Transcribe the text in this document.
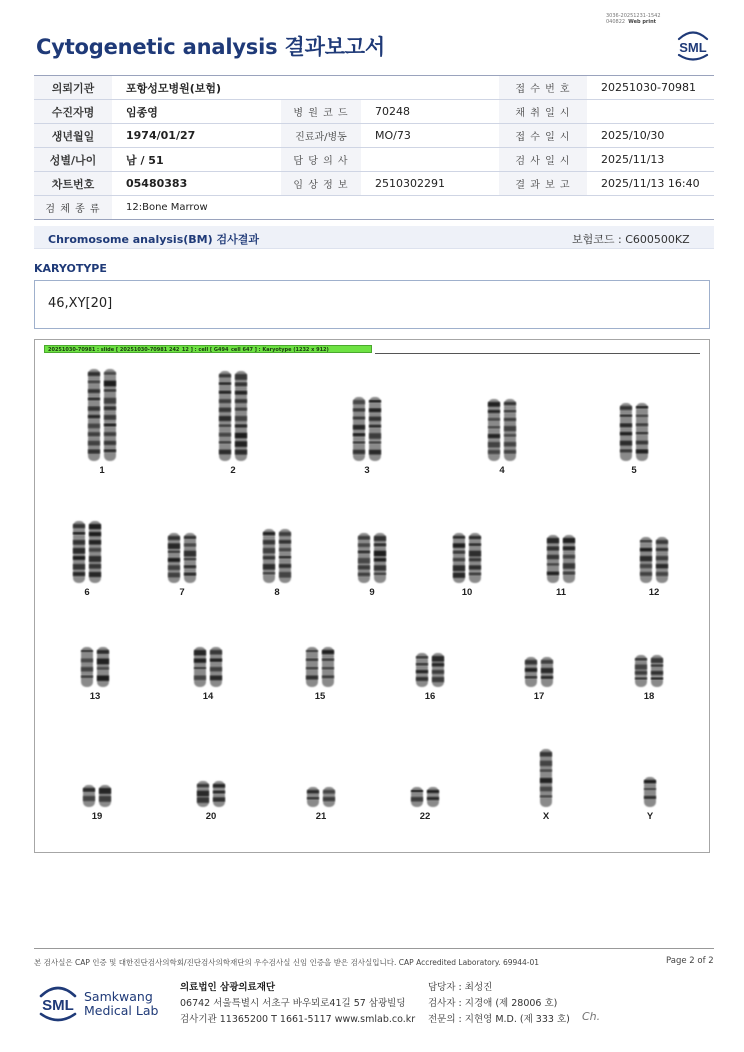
3036-20251231-1542
040822 Web print
Cytogenetic analysis 결과보고서	SML
의뢰기관	포항성모병원(보험)			접 수 번 호	20251030-70981
수진자명	임종영	병 원 코 드	70248	채 취 일 시	
생년월일	1974/01/27	진료과/병동	MO/73	접 수 일 시	2025/10/30
성별/나이	남 / 51	담 당 의 사		검 사 일 시	2025/11/13
차트번호	05480383	임 상 정 보	2510302291	결 과 보 고	2025/11/13 16:40
검 체 종 류	12:Bone Marrow				
Chromosome analysis(BM) 검사결과	보험코드 : C600500KZ
KARYOTYPE
46,XY[20]
20251030-70981 : slide [ 20251030-70981 242_12 ] : cell [ G494_cell 647 ] : Karyotype (1232 x 912)
1	2	3	4	5
6	7	8	9	10	11	12
13	14	15	16	17	18
19	20	21	22	X	Y
본 검사실은 CAP 인증 및 대한진단검사의학회/진단검사의학재단의 우수검사실 신임 인증을 받은 검사실입니다. CAP Accredited Laboratory. 69944-01	Page 2 of 2
SML
Samkwang
Medical Lab
의료법인 삼광의료재단
06742 서울특별시 서초구 바우뫼로41길 57 삼광빌딩
검사기관 11365200 T 1661-5117 www.smlab.co.kr
담당자 : 최성진
검사자 : 지경애 (제 28006 호)
전문의 : 지현영 M.D. (제 333 호) Ch.
